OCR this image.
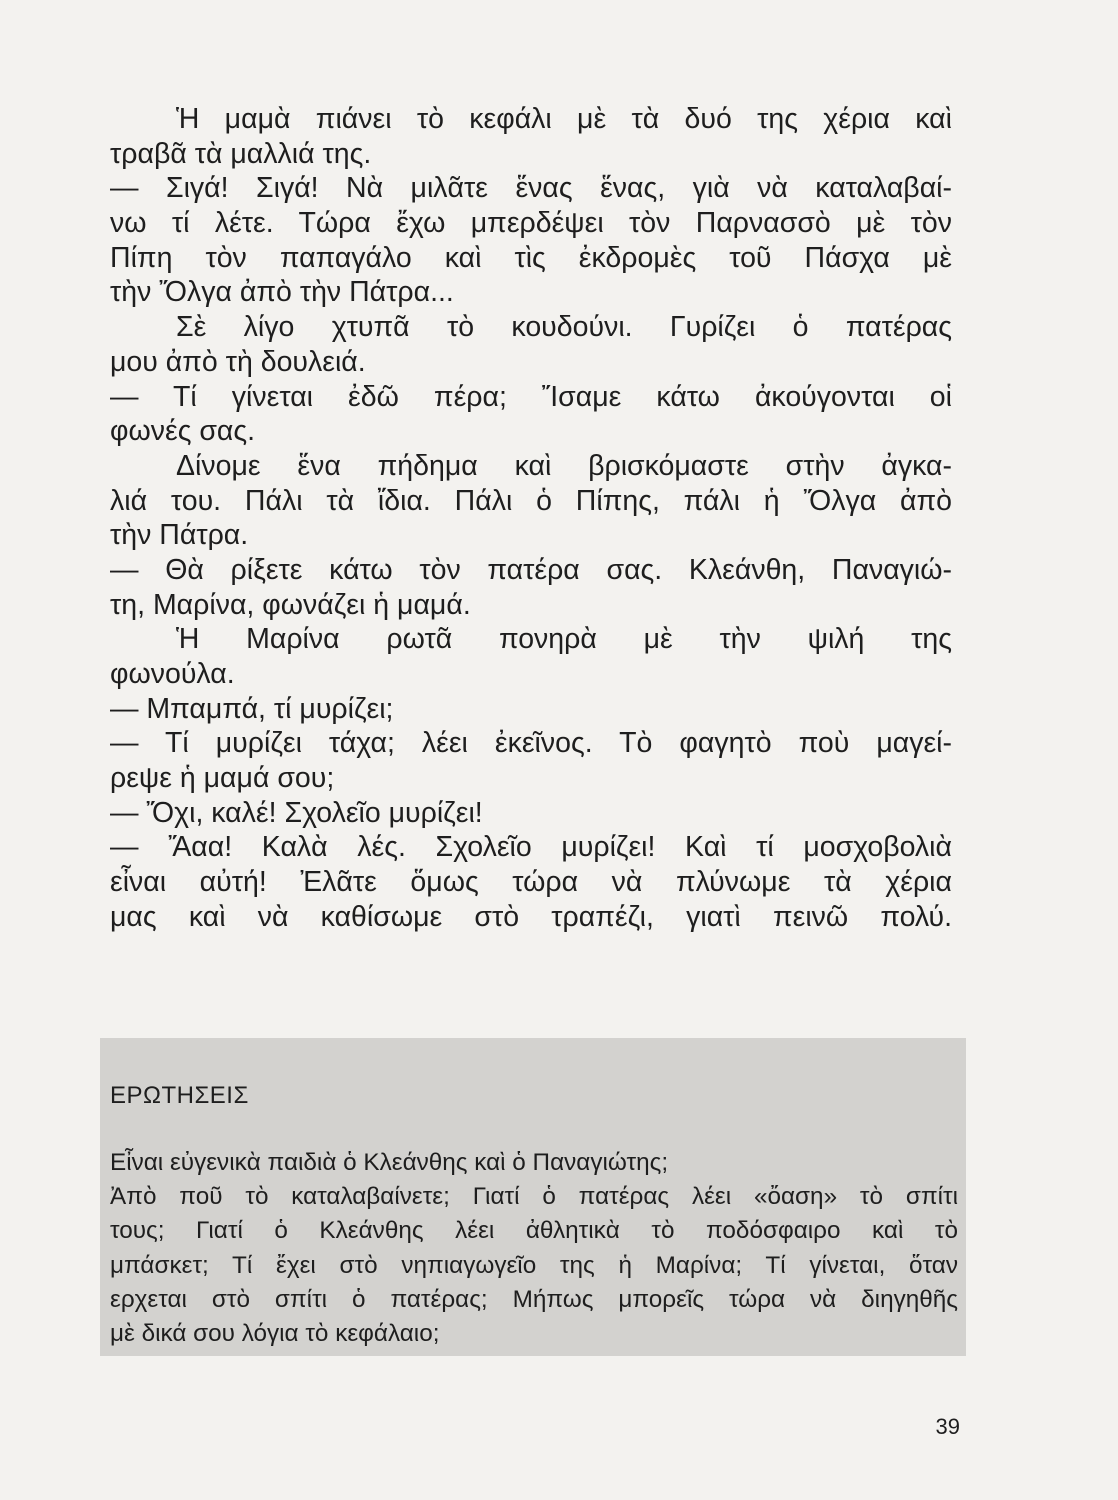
Ἡ μαμὰ πιάνει τὸ κεφάλι μὲ τὰ δυό της χέρια καὶ
τραβᾶ τὰ μαλλιά της.
— Σιγά! Σιγά! Νὰ μιλᾶτε ἕνας ἕνας, γιὰ νὰ καταλαβαί-
νω τί λέτε. Τώρα ἔχω μπερδέψει τὸν Παρνασσὸ μὲ τὸν
Πίπη τὸν παπαγάλο καὶ τὶς ἐκδρομὲς τοῦ Πάσχα μὲ
τὴν Ὄλγα ἀπὸ τὴν Πάτρα...
Σὲ λίγο χτυπᾶ τὸ κουδούνι. Γυρίζει ὁ πατέρας
μου ἀπὸ τὴ δουλειά.
— Τί γίνεται ἐδῶ πέρα; Ἴσαμε κάτω ἀκούγονται οἱ
φωνές σας.
Δίνομε ἕνα πήδημα καὶ βρισκόμαστε στὴν ἀγκα-
λιά του. Πάλι τὰ ἴδια. Πάλι ὁ Πίπης, πάλι ἡ Ὄλγα ἀπὸ
τὴν Πάτρα.
— Θὰ ρίξετε κάτω τὸν πατέρα σας. Κλεάνθη, Παναγιώ-
τη, Μαρίνα, φωνάζει ἡ μαμά.
Ἡ Μαρίνα ρωτᾶ πονηρὰ μὲ τὴν ψιλή της
φωνούλα.
— Μπαμπά, τί μυρίζει;
— Τί μυρίζει τάχα; λέει ἐκεῖνος. Τὸ φαγητὸ ποὺ μαγεί-
ρεψε ἡ μαμά σου;
— Ὄχι, καλέ! Σχολεῖο μυρίζει!
— Ἄαα! Καλὰ λές. Σχολεῖο μυρίζει! Καὶ τί μοσχοβολιὰ
εἶναι αὐτή! Ἐλᾶτε ὅμως τώρα νὰ πλύνωμε τὰ χέρια
μας καὶ νὰ καθίσωμε στὸ τραπέζι, γιατὶ πεινῶ πολύ.
ΕΡΩΤΗΣΕΙΣ
Εἶναι εὐγενικὰ παιδιὰ ὁ Κλεάνθης καὶ ὁ Παναγιώτης;
Ἀπὸ ποῦ τὸ καταλαβαίνετε; Γιατί ὁ πατέρας λέει «ὄαση» τὸ σπίτι
τους; Γιατί ὁ Κλεάνθης λέει ἀθλητικὰ τὸ ποδόσφαιρο καὶ τὸ
μπάσκετ; Τί ἔχει στὸ νηπιαγωγεῖο της ἡ Μαρίνα; Τί γίνεται, ὅταν
ερχεται στὸ σπίτι ὁ πατέρας; Μήπως μπορεῖς τώρα νὰ διηγηθῆς
μὲ δικά σου λόγια τὸ κεφάλαιο;
39
